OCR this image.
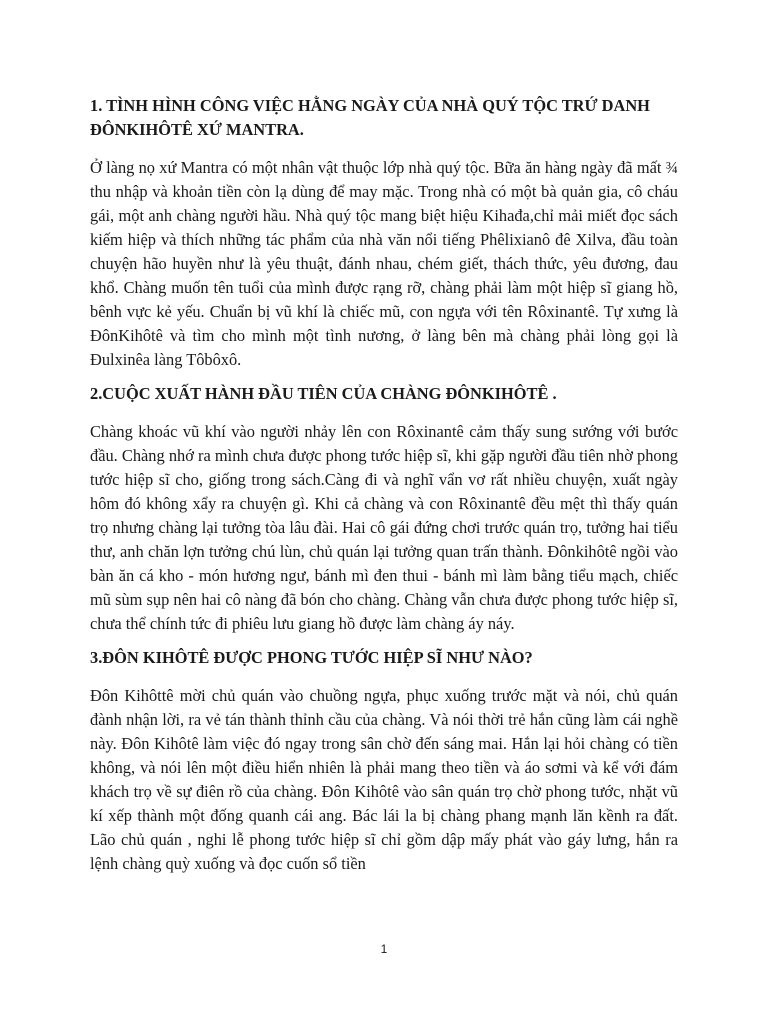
1. TÌNH HÌNH CÔNG VIỆC HẰNG NGÀY CỦA NHÀ QUÝ TỘC TRỨ DANH ĐÔNKIHÔTÊ XỨ MANTRA.

Ở làng nọ xứ Mantra có một nhân vật thuộc lớp nhà quý tộc. Bữa ăn hàng ngày đã mất ¾ thu nhập và khoản tiền còn lạ dùng để may mặc. Trong nhà có một bà quản gia, cô cháu gái, một anh chàng người hầu. Nhà quý tộc mang biệt hiệu Kihađa,chỉ mải miết đọc sách kiếm hiệp và thích những tác phẩm của nhà văn nổi tiếng Phêlixianô đê Xilva, đầu toàn chuyện hão huyền như là yêu thuật, đánh nhau, chém giết, thách thức, yêu đương, đau khổ. Chàng muốn tên tuổi của mình được rạng rỡ, chàng phải làm một hiệp sĩ giang hồ, bênh vực kẻ yếu. Chuẩn bị vũ khí là chiếc mũ, con ngựa với tên Rôxinantê. Tự xưng là ĐônKihôtê và tìm cho mình một tình nương, ở làng bên mà chàng phải lòng gọi là Đulxinêa làng Tôbôxô.

2.CUỘC XUẤT HÀNH ĐẦU TIÊN CỦA CHÀNG ĐÔNKIHÔTÊ .

Chàng khoác vũ khí vào người nhảy lên con Rôxinantê cảm thấy sung sướng với bước đầu. Chàng nhớ ra mình chưa được phong tước hiệp sĩ, khi gặp người đầu tiên nhờ phong tước hiệp sĩ cho, giống trong sách.Càng đi và nghĩ vẩn vơ rất nhiều chuyện, xuất ngày hôm đó không xẩy ra chuyện gì. Khi cả chàng và con Rôxinantê đều mệt thì thấy quán trọ nhưng chàng lại tưởng tòa lâu đài. Hai cô gái đứng chơi trước quán trọ, tưởng hai tiểu thư, anh chăn lợn tưởng chú lùn, chủ quán lại tưởng quan trấn thành. Đônkihôtê ngồi vào bàn ăn cá kho - món hương ngư, bánh mì đen thui - bánh mì làm bằng tiểu mạch, chiếc mũ sùm sụp nên hai cô nàng đã bón cho chàng. Chàng vẫn chưa được phong tước hiệp sĩ, chưa thể chính tức đi phiêu lưu giang hồ được làm chàng áy náy.

3.ĐÔN KIHÔTÊ ĐƯỢC PHONG TƯỚC HIỆP SĨ NHƯ NÀO?

Đôn Kihôttê mời chủ quán vào chuồng ngựa, phục xuống trước mặt và nói, chủ quán đành nhận lời, ra vẻ tán thành thỉnh cầu của chàng. Và nói thời trẻ hắn cũng làm cái nghề này. Đôn Kihôtê làm việc đó ngay trong sân chờ đến sáng mai. Hắn lại hỏi chàng có tiền không, và nói lên một điều hiển nhiên là phải mang theo tiền và áo sơmi và kể với đám khách trọ về sự điên rồ của chàng. Đôn Kihôtê vào sân quán trọ chờ phong tước, nhặt vũ kí xếp thành một đống quanh cái ang. Bác lái la bị chàng phang mạnh lăn kềnh ra đất. Lão chủ quán , nghi lễ phong tước hiệp sĩ chỉ gồm dập mấy phát vào gáy lưng, hắn ra lệnh chàng quỳ xuống và đọc cuốn sổ tiền

1
